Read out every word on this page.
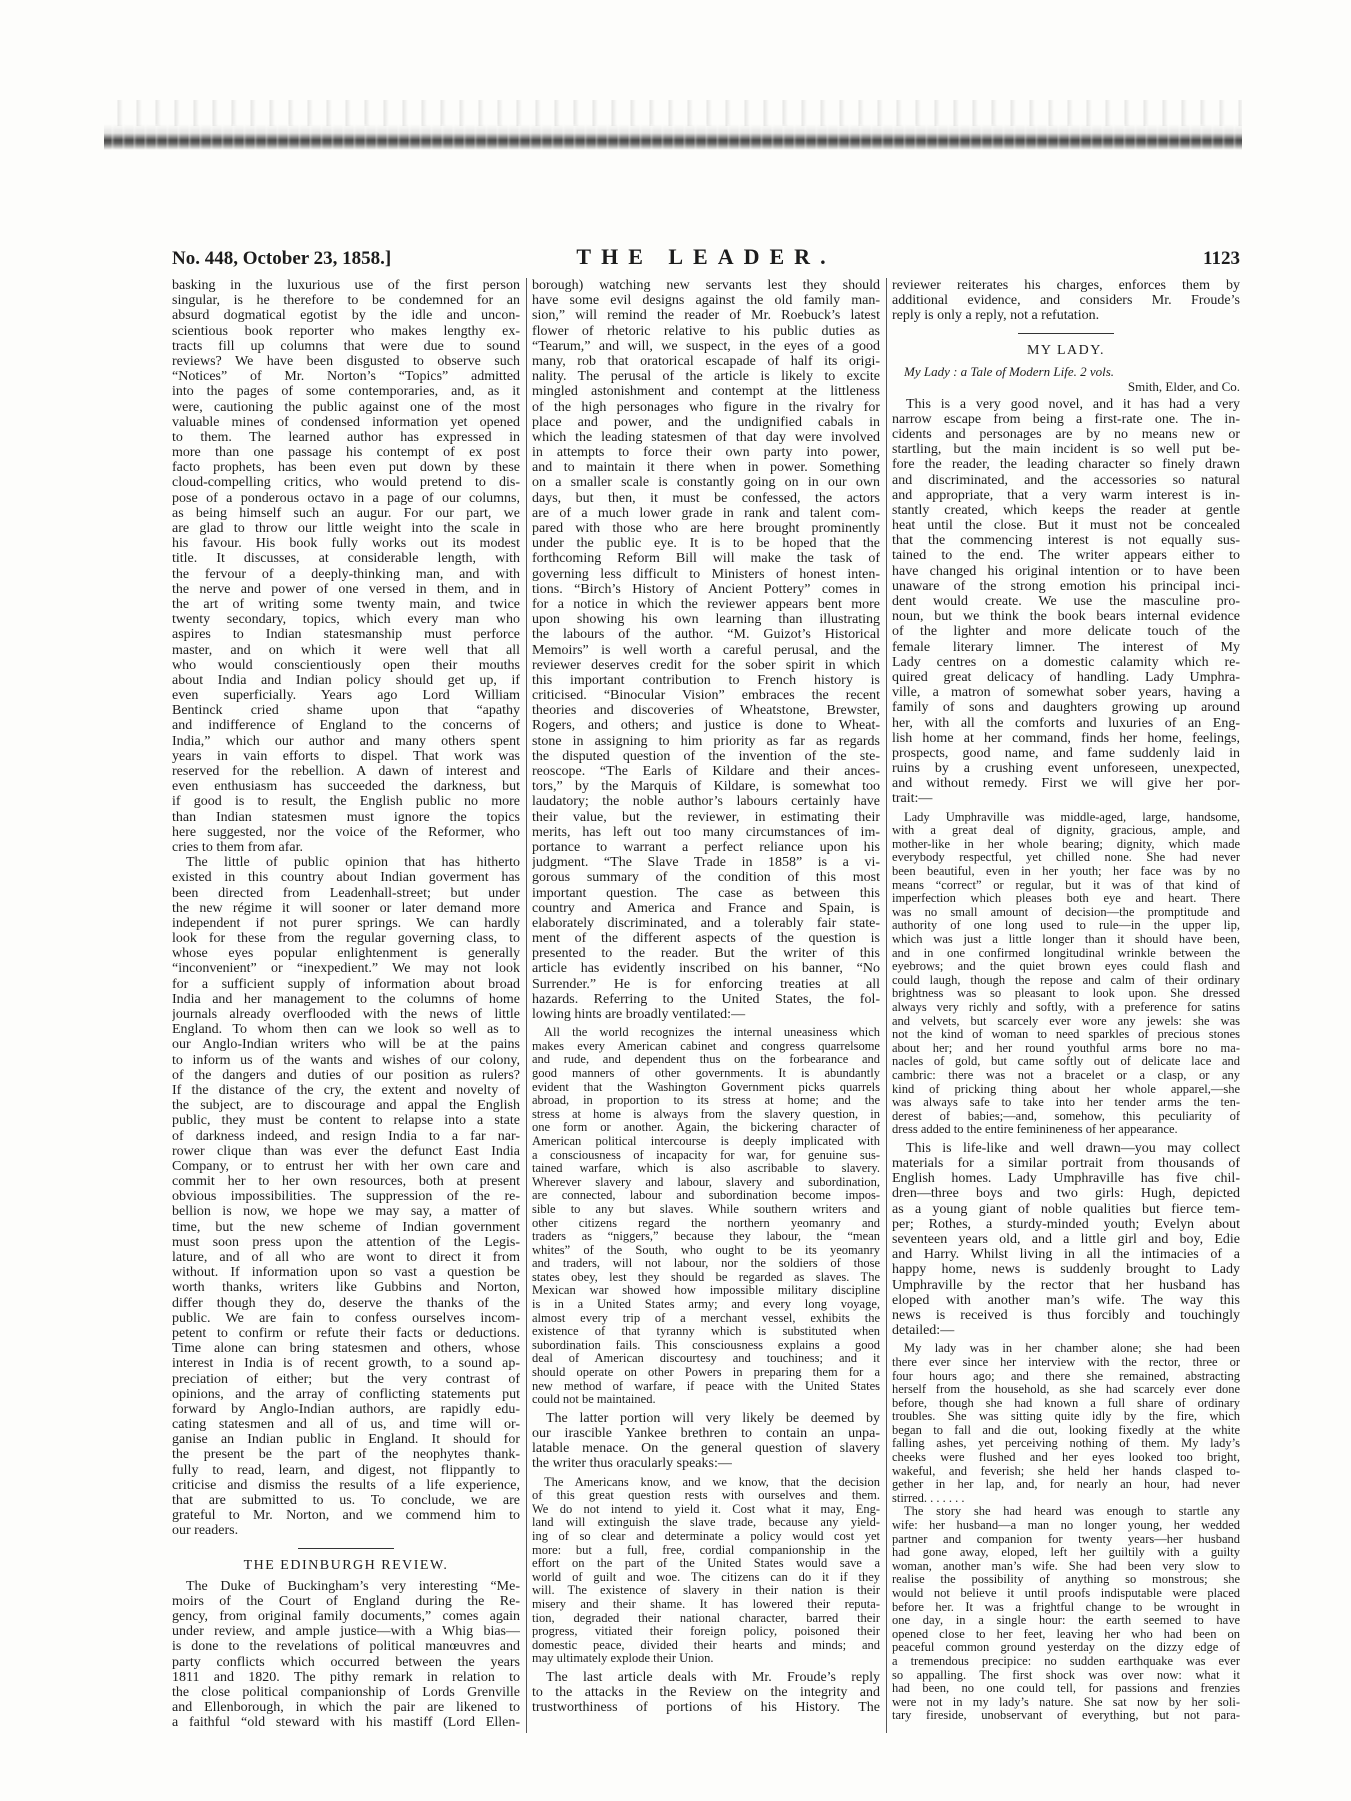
No. 448, October 23, 1858.]	THE LEADER.	1123
basking in the luxurious use of the first person
singular, is he therefore to be condemned for an
absurd dogmatical egotist by the idle and uncon-
scientious book reporter who makes lengthy ex-
tracts fill up columns that were due to sound
reviews? We have been disgusted to observe such
“Notices” of Mr. Norton’s “Topics” admitted
into the pages of some contemporaries, and, as it
were, cautioning the public against one of the most
valuable mines of condensed information yet opened
to them. The learned author has expressed in
more than one passage his contempt of ex post
facto prophets, has been even put down by these
cloud-compelling critics, who would pretend to dis-
pose of a ponderous octavo in a page of our columns,
as being himself such an augur. For our part, we
are glad to throw our little weight into the scale in
his favour. His book fully works out its modest
title. It discusses, at considerable length, with
the fervour of a deeply-thinking man, and with
the nerve and power of one versed in them, and in
the art of writing some twenty main, and twice
twenty secondary, topics, which every man who
aspires to Indian statesmanship must perforce
master, and on which it were well that all
who would conscientiously open their mouths
about India and Indian policy should get up, if
even superficially. Years ago Lord William
Bentinck cried shame upon that “apathy
and indifference of England to the concerns of
India,” which our author and many others spent
years in vain efforts to dispel. That work was
reserved for the rebellion. A dawn of interest and
even enthusiasm has succeeded the darkness, but
if good is to result, the English public no more
than Indian statesmen must ignore the topics
here suggested, nor the voice of the Reformer, who
cries to them from afar.
The little of public opinion that has hitherto
existed in this country about Indian goverment has
been directed from Leadenhall-street; but under
the new régime it will sooner or later demand more
independent if not purer springs. We can hardly
look for these from the regular governing class, to
whose eyes popular enlightenment is generally
“inconvenient” or “inexpedient.” We may not look
for a sufficient supply of information about broad
India and her management to the columns of home
journals already overflooded with the news of little
England. To whom then can we look so well as to
our Anglo-Indian writers who will be at the pains
to inform us of the wants and wishes of our colony,
of the dangers and duties of our position as rulers?
If the distance of the cry, the extent and novelty of
the subject, are to discourage and appal the English
public, they must be content to relapse into a state
of darkness indeed, and resign India to a far nar-
rower clique than was ever the defunct East India
Company, or to entrust her with her own care and
commit her to her own resources, both at present
obvious impossibilities. The suppression of the re-
bellion is now, we hope we may say, a matter of
time, but the new scheme of Indian government
must soon press upon the attention of the Legis-
lature, and of all who are wont to direct it from
without. If information upon so vast a question be
worth thanks, writers like Gubbins and Norton,
differ though they do, deserve the thanks of the
public. We are fain to confess ourselves incom-
petent to confirm or refute their facts or deductions.
Time alone can bring statesmen and others, whose
interest in India is of recent growth, to a sound ap-
preciation of either; but the very contrast of
opinions, and the array of conflicting statements put
forward by Anglo-Indian authors, are rapidly edu-
cating statesmen and all of us, and time will or-
ganise an Indian public in England. It should for
the present be the part of the neophytes thank-
fully to read, learn, and digest, not flippantly to
criticise and dismiss the results of a life experience,
that are submitted to us. To conclude, we are
grateful to Mr. Norton, and we commend him to
our readers.
THE EDINBURGH REVIEW.
The Duke of Buckingham’s very interesting “Me-
moirs of the Court of England during the Re-
gency, from original family documents,” comes again
under review, and ample justice—with a Whig bias—
is done to the revelations of political manœuvres and
party conflicts which occurred between the years
1811 and 1820. The pithy remark in relation to
the close political companionship of Lords Grenville
and Ellenborough, in which the pair are likened to
a faithful “old steward with his mastiff (Lord Ellen-
borough) watching new servants lest they should
have some evil designs against the old family man-
sion,” will remind the reader of Mr. Roebuck’s latest
flower of rhetoric relative to his public duties as
“Tearum,” and will, we suspect, in the eyes of a good
many, rob that oratorical escapade of half its origi-
nality. The perusal of the article is likely to excite
mingled astonishment and contempt at the littleness
of the high personages who figure in the rivalry for
place and power, and the undignified cabals in
which the leading statesmen of that day were involved
in attempts to force their own party into power,
and to maintain it there when in power. Something
on a smaller scale is constantly going on in our own
days, but then, it must be confessed, the actors
are of a much lower grade in rank and talent com-
pared with those who are here brought prominently
under the public eye. It is to be hoped that the
forthcoming Reform Bill will make the task of
governing less difficult to Ministers of honest inten-
tions. “Birch’s History of Ancient Pottery” comes in
for a notice in which the reviewer appears bent more
upon showing his own learning than illustrating
the labours of the author. “M. Guizot’s Historical
Memoirs” is well worth a careful perusal, and the
reviewer deserves credit for the sober spirit in which
this important contribution to French history is
criticised. “Binocular Vision” embraces the recent
theories and discoveries of Wheatstone, Brewster,
Rogers, and others; and justice is done to Wheat-
stone in assigning to him priority as far as regards
the disputed question of the invention of the ste-
reoscope. “The Earls of Kildare and their ances-
tors,” by the Marquis of Kildare, is somewhat too
laudatory; the noble author’s labours certainly have
their value, but the reviewer, in estimating their
merits, has left out too many circumstances of im-
portance to warrant a perfect reliance upon his
judgment. “The Slave Trade in 1858” is a vi-
gorous summary of the condition of this most
important question. The case as between this
country and America and France and Spain, is
elaborately discriminated, and a tolerably fair state-
ment of the different aspects of the question is
presented to the reader. But the writer of this
article has evidently inscribed on his banner, “No
Surrender.” He is for enforcing treaties at all
hazards. Referring to the United States, the fol-
lowing hints are broadly ventilated:—
All the world recognizes the internal uneasiness which
makes every American cabinet and congress quarrelsome
and rude, and dependent thus on the forbearance and
good manners of other governments. It is abundantly
evident that the Washington Government picks quarrels
abroad, in proportion to its stress at home; and the
stress at home is always from the slavery question, in
one form or another. Again, the bickering character of
American political intercourse is deeply implicated with
a consciousness of incapacity for war, for genuine sus-
tained warfare, which is also ascribable to slavery.
Wherever slavery and labour, slavery and subordination,
are connected, labour and subordination become impos-
sible to any but slaves. While southern writers and
other citizens regard the northern yeomanry and
traders as “niggers,” because they labour, the “mean
whites” of the South, who ought to be its yeomanry
and traders, will not labour, nor the soldiers of those
states obey, lest they should be regarded as slaves. The
Mexican war showed how impossible military discipline
is in a United States army; and every long voyage,
almost every trip of a merchant vessel, exhibits the
existence of that tyranny which is substituted when
subordination fails. This consciousness explains a good
deal of American discourtesy and touchiness; and it
should operate on other Powers in preparing them for a
new method of warfare, if peace with the United States
could not be maintained.
The latter portion will very likely be deemed by
our irascible Yankee brethren to contain an unpa-
latable menace. On the general question of slavery
the writer thus oracularly speaks:—
The Americans know, and we know, that the decision
of this great question rests with ourselves and them.
We do not intend to yield it. Cost what it may, Eng-
land will extinguish the slave trade, because any yield-
ing of so clear and determinate a policy would cost yet
more: but a full, free, cordial companionship in the
effort on the part of the United States would save a
world of guilt and woe. The citizens can do it if they
will. The existence of slavery in their nation is their
misery and their shame. It has lowered their reputa-
tion, degraded their national character, barred their
progress, vitiated their foreign policy, poisoned their
domestic peace, divided their hearts and minds; and
may ultimately explode their Union.
The last article deals with Mr. Froude’s reply
to the attacks in the Review on the integrity and
trustworthiness of portions of his History. The
reviewer reiterates his charges, enforces them by
additional evidence, and considers Mr. Froude’s
reply is only a reply, not a refutation.
MY LADY.
My Lady : a Tale of Modern Life. 2 vols.
Smith, Elder, and Co.
This is a very good novel, and it has had a very
narrow escape from being a first-rate one. The in-
cidents and personages are by no means new or
startling, but the main incident is so well put be-
fore the reader, the leading character so finely drawn
and discriminated, and the accessories so natural
and appropriate, that a very warm interest is in-
stantly created, which keeps the reader at gentle
heat until the close. But it must not be concealed
that the commencing interest is not equally sus-
tained to the end. The writer appears either to
have changed his original intention or to have been
unaware of the strong emotion his principal inci-
dent would create. We use the masculine pro-
noun, but we think the book bears internal evidence
of the lighter and more delicate touch of the
female literary limner. The interest of My
Lady centres on a domestic calamity which re-
quired great delicacy of handling. Lady Umphra-
ville, a matron of somewhat sober years, having a
family of sons and daughters growing up around
her, with all the comforts and luxuries of an Eng-
lish home at her command, finds her home, feelings,
prospects, good name, and fame suddenly laid in
ruins by a crushing event unforeseen, unexpected,
and without remedy. First we will give her por-
trait:—
Lady Umphraville was middle-aged, large, handsome,
with a great deal of dignity, gracious, ample, and
mother-like in her whole bearing; dignity, which made
everybody respectful, yet chilled none. She had never
been beautiful, even in her youth; her face was by no
means “correct” or regular, but it was of that kind of
imperfection which pleases both eye and heart. There
was no small amount of decision—the promptitude and
authority of one long used to rule—in the upper lip,
which was just a little longer than it should have been,
and in one confirmed longitudinal wrinkle between the
eyebrows; and the quiet brown eyes could flash and
could laugh, though the repose and calm of their ordinary
brightness was so pleasant to look upon. She dressed
always very richly and softly, with a preference for satins
and velvets, but scarcely ever wore any jewels: she was
not the kind of woman to need sparkles of precious stones
about her; and her round youthful arms bore no ma-
nacles of gold, but came softly out of delicate lace and
cambric: there was not a bracelet or a clasp, or any
kind of pricking thing about her whole apparel,—she
was always safe to take into her tender arms the ten-
derest of babies;—and, somehow, this peculiarity of
dress added to the entire feminineness of her appearance.
This is life-like and well drawn—you may collect
materials for a similar portrait from thousands of
English homes. Lady Umphraville has five chil-
dren—three boys and two girls: Hugh, depicted
as a young giant of noble qualities but fierce tem-
per; Rothes, a sturdy-minded youth; Evelyn about
seventeen years old, and a little girl and boy, Edie
and Harry. Whilst living in all the intimacies of a
happy home, news is suddenly brought to Lady
Umphraville by the rector that her husband has
eloped with another man’s wife. The way this
news is received is thus forcibly and touchingly
detailed:—
My lady was in her chamber alone; she had been
there ever since her interview with the rector, three or
four hours ago; and there she remained, abstracting
herself from the household, as she had scarcely ever done
before, though she had known a full share of ordinary
troubles. She was sitting quite idly by the fire, which
began to fall and die out, looking fixedly at the white
falling ashes, yet perceiving nothing of them. My lady’s
cheeks were flushed and her eyes looked too bright,
wakeful, and feverish; she held her hands clasped to-
gether in her lap, and, for nearly an hour, had never
stirred. . . . . . .
The story she had heard was enough to startle any
wife: her husband—a man no longer young, her wedded
partner and companion for twenty years—her husband
had gone away, eloped, left her guiltily with a guilty
woman, another man’s wife. She had been very slow to
realise the possibility of anything so monstrous; she
would not believe it until proofs indisputable were placed
before her. It was a frightful change to be wrought in
one day, in a single hour: the earth seemed to have
opened close to her feet, leaving her who had been on
peaceful common ground yesterday on the dizzy edge of
a tremendous precipice: no sudden earthquake was ever
so appalling. The first shock was over now: what it
had been, no one could tell, for passions and frenzies
were not in my lady’s nature. She sat now by her soli-
tary fireside, unobservant of everything, but not para-
